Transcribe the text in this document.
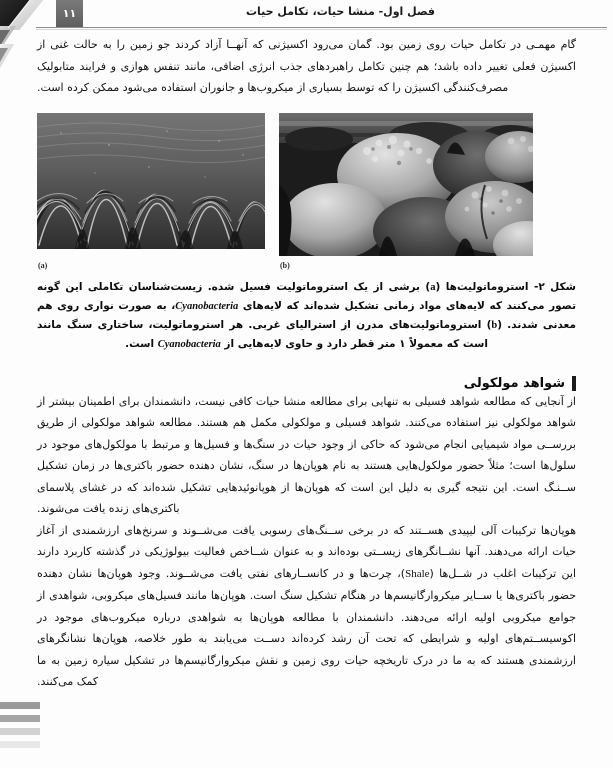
فصل اول- منشا حیات، تکامل حیات
۱۱

گام مهمـی در تکامل حیات روی زمین بود. گمان می‌رود اکسیژنی که آنهــا آزاد کردند جو زمین را به حالت غنی از اکسیژن فعلی تغییر داده باشد؛ هم چنین تکامل راهبردهای جذب انرژی اضافی، مانند تنفس هوازی و فرایند متابولیک مصرف‌کنندگی اکسیژن را که توسط بسیاری از میکروب‌ها و جانوران استفاده می‌شود ممکن کرده است.

(a)	(b)
شکل ۲- استروماتولیت‌ها (a) برشی از یک استروماتولیت فسیل شده. زیست‌شناسان تکاملی این گونه تصور می‌کنند که لایه‌های مواد زمانی تشکیل شده‌اند که لایه‌های Cyanobacteria، به صورت نواری روی هم معدنی شدند. (b) استروماتولیت‌های مدرن از استرالیای غربی. هر استروماتولیت، ساختاری سنگ مانند است که معمولاً ۱ متر قطر دارد و حاوی لایه‌هایی از Cyanobacteria است.
شواهد مولکولی

از آنجایی که مطالعه شواهد فسیلی به تنهایی برای مطالعه منشا حیات کافی نیست، دانشمندان برای اطمینان بیشتر از شواهد مولکولی نیز استفاده می‌کنند. شواهد فسیلی و مولکولی مکمل هم هستند. مطالعه شواهد مولکولی از طریق بررســی مواد شیمیایی انجام می‌شود که حاکی از وجود حیات در سنگ‌ها و فسیل‌ها و مرتبط با مولکول‌های موجود در سلول‌ها است؛ مثلاً حضور مولکول‌هایی هستند به نام هوپان‌ها در سنگ، نشان دهنده حضور باکتری‌ها در زمان تشکیل ســنـگ است. این نتیجه گیری به دلیل این است که هوپان‌ها از هوپانوئیدهایی تشکیل شده‌اند که در غشای پلاسمای باکتری‌های زنده یافت می‌شوند.

هوپان‌ها ترکیبات آلی لیپیدی هســتند که در برخی ســنگ‌های رسوبی یافت می‌شــوند و سرنخ‌های ارزشمندی از آغاز حیات ارائه می‌دهند. آنها نشــانگرهای زیســتی بوده‌اند و به عنوان شــاخص فعالیت بیولوژیکی در گذشته کاربرد دارند این ترکیبات اغلب در شــل‌ها (Shale)، چرت‌ها و در کانســارهای نفتی یافت می‌شــوند. وجود هوپان‌ها نشان دهنده حضور باکتری‌ها یا ســایر میکروارگانیسم‌ها در هنگام تشکیل سنگ است. هوپان‌ها مانند فسیل‌های میکروبی، شواهدی از جوامع میکروبی اولیه ارائه می‌دهند. دانشمندان با مطالعه هوپان‌ها به شواهدی درباره میکروب‌های موجود در اکوسیســتم‌های اولیه و شرایطی که تحت آن رشد کرده‌اند دســت می‌یابند به طور خلاصه، هوپان‌ها نشانگرهای ارزشمندی هستند که به ما در درک تاریخچه حیات روی زمین و نقش میکروارگانیسم‌ها در تشکیل سیاره زمین به ما کمک می‌کنند.
